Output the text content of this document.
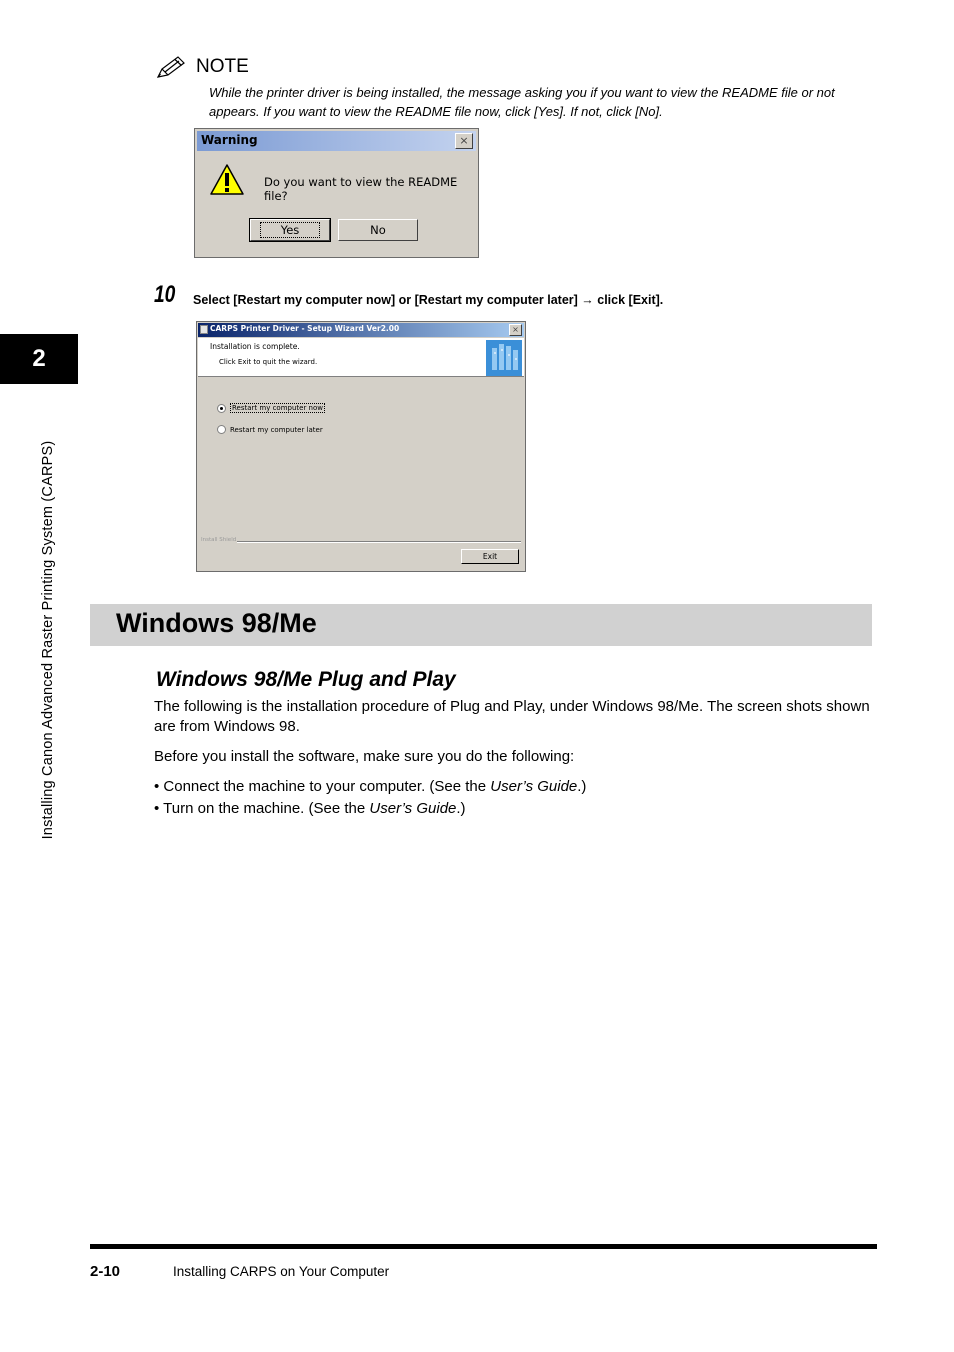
2
Installing Canon Advanced Raster Printing System (CARPS)
NOTE
While the printer driver is being installed, the message asking you if you want to view the README file or not appears. If you want to view the README file now, click [Yes]. If not, click [No].
Warning	×
Do you want to view the README file?
Yes	No
10 Select [Restart my computer now] or [Restart my computer later] → click [Exit].
CARPS Printer Driver - Setup Wizard Ver2.00	×
Installation is complete.
Click Exit to quit the wizard.
Restart my computer now
Restart my computer later
Install Shield
Exit
Windows 98/Me
Windows 98/Me Plug and Play
The following is the installation procedure of Plug and Play, under Windows 98/Me. The screen shots shown are from Windows 98.
Before you install the software, make sure you do the following:
• Connect the machine to your computer. (See the User’s Guide.)
• Turn on the machine. (See the User’s Guide.)
2-10	Installing CARPS on Your Computer
